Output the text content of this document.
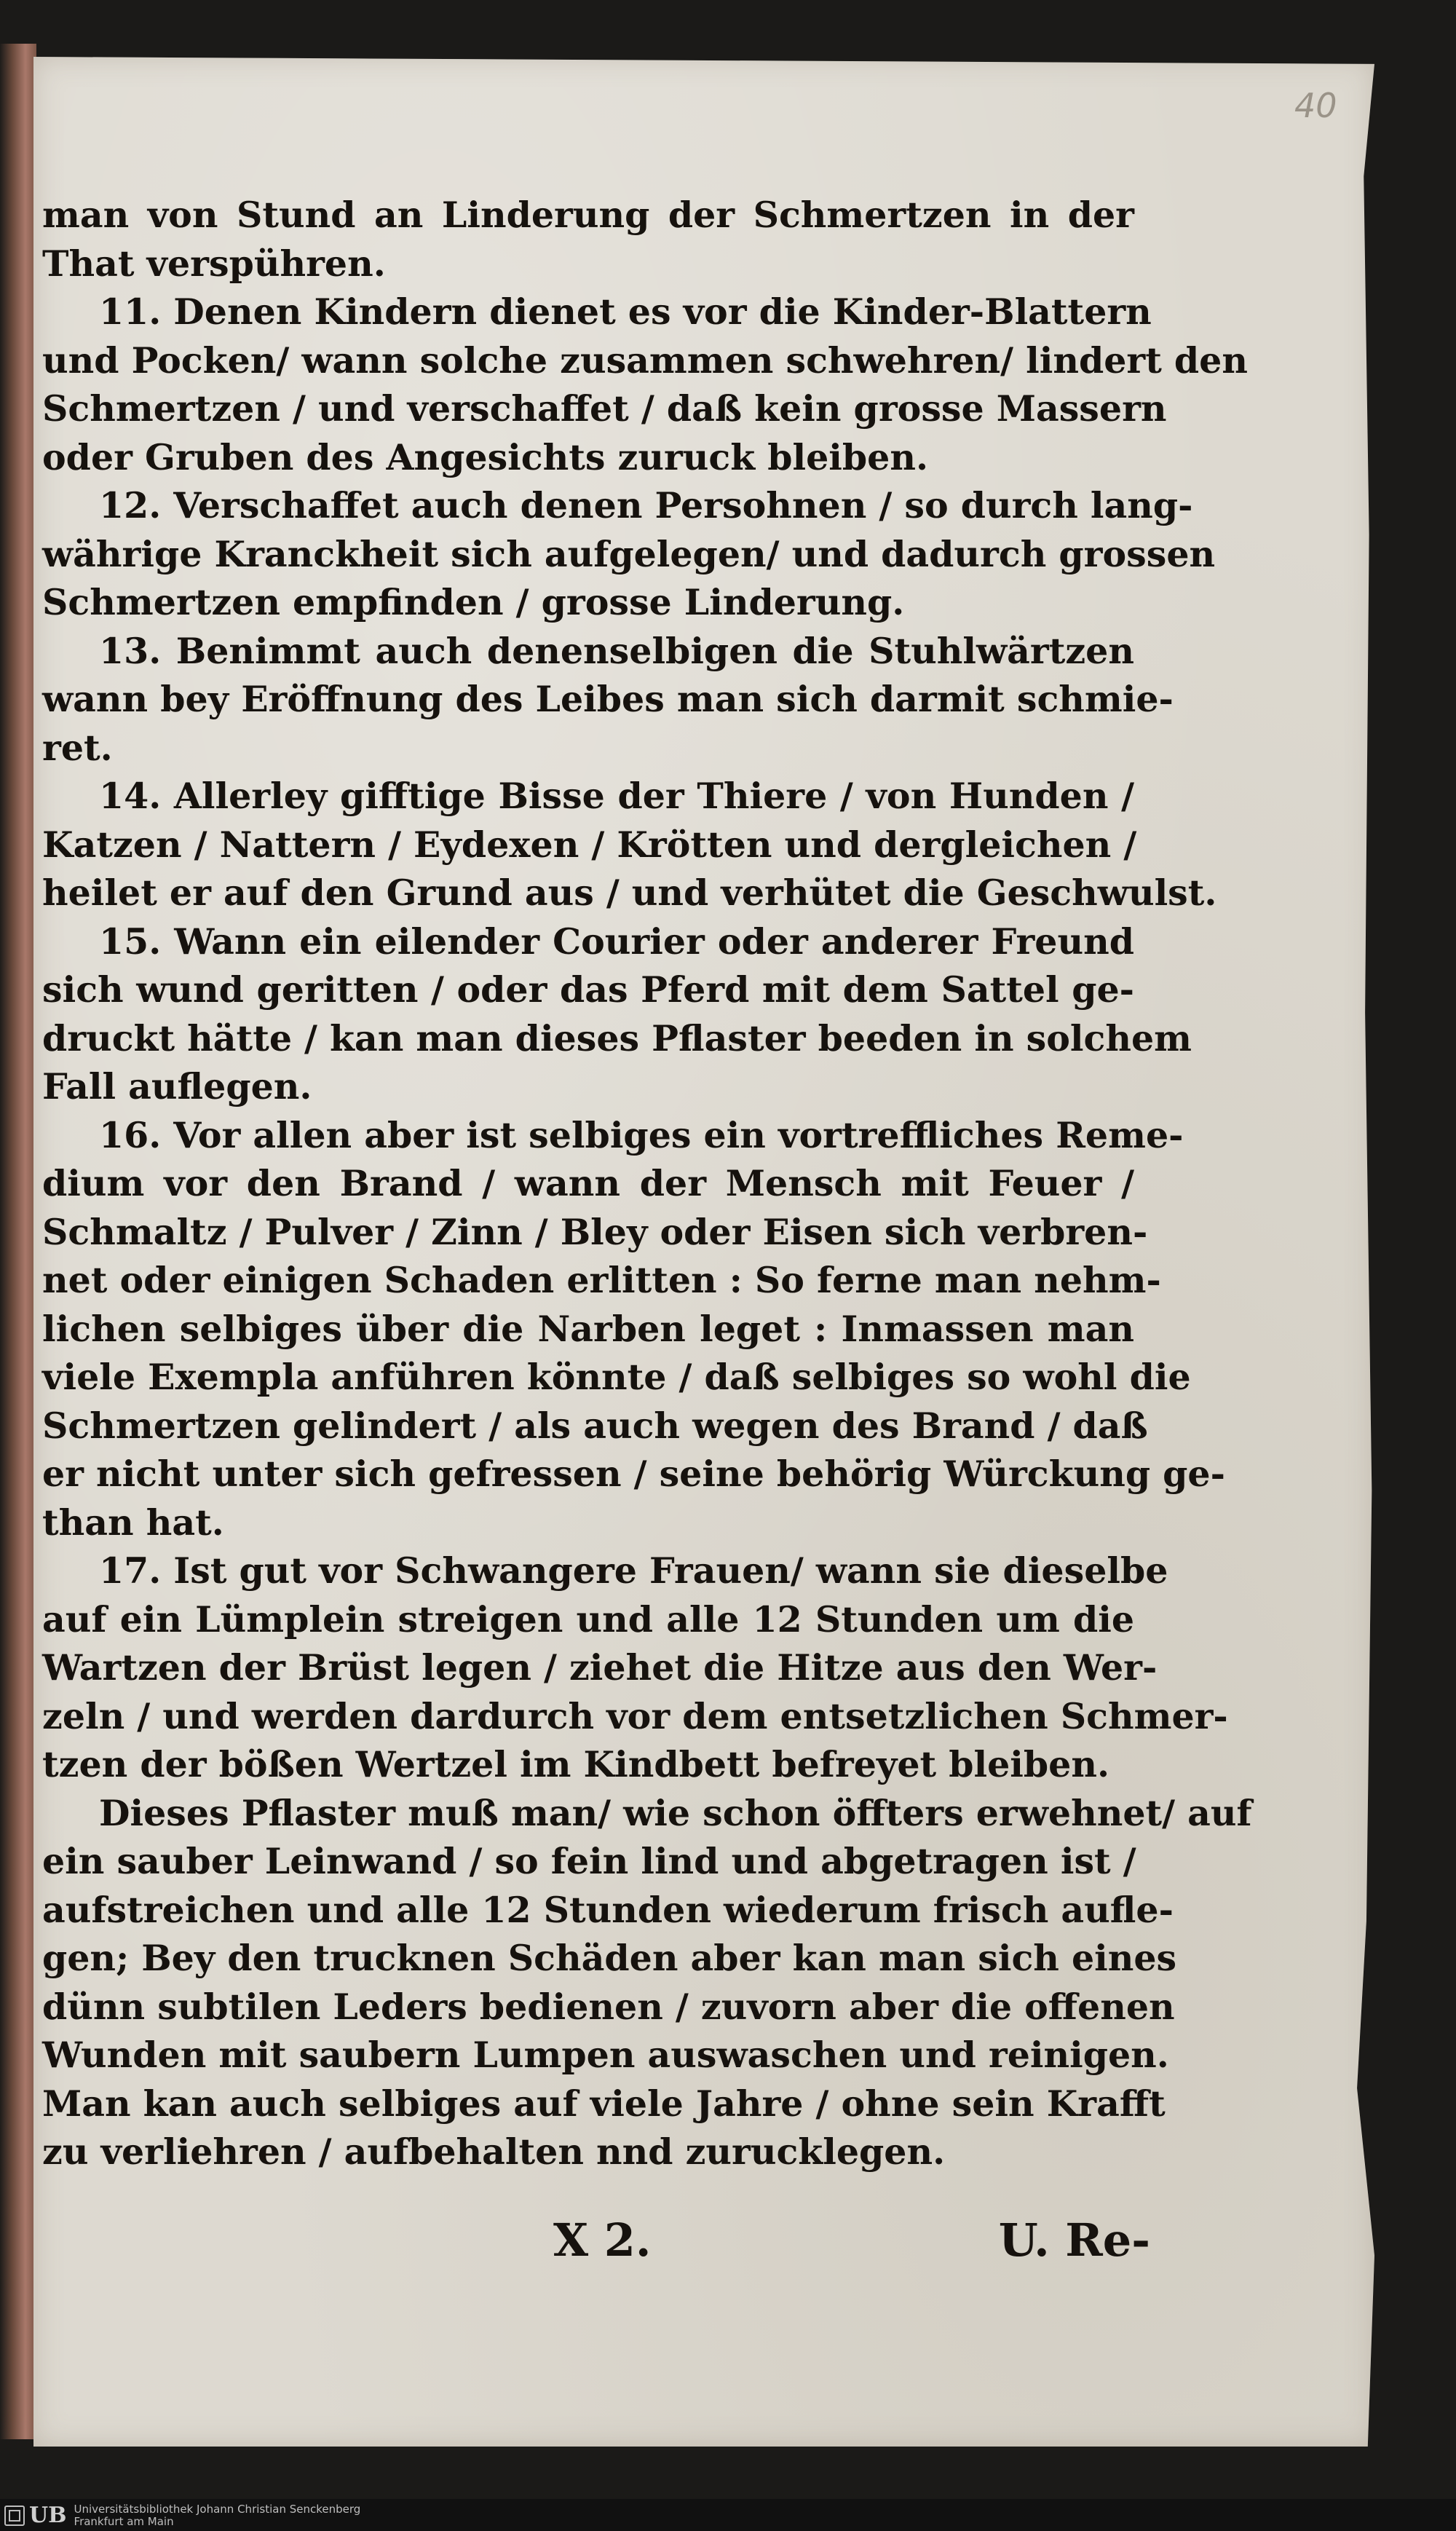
40
man von Stund an Linderung der Schmertzen in der
That verspühren.
11. Denen Kindern dienet es vor die Kinder-Blattern
und Pocken/ wann solche zusammen schwehren/ lindert den
Schmertzen / und verschaffet / daß kein grosse Massern
oder Gruben des Angesichts zuruck bleiben.
12. Verschaffet auch denen Persohnen / so durch lang-
währige Kranckheit sich aufgelegen/ und dadurch grossen
Schmertzen empfinden / grosse Linderung.
13. Benimmt auch denenselbigen die Stuhlwärtzen
wann bey Eröffnung des Leibes man sich darmit schmie-
ret.
14. Allerley gifftige Bisse der Thiere / von Hunden /
Katzen / Nattern / Eydexen / Krötten und dergleichen /
heilet er auf den Grund aus / und verhütet die Geschwulst.
15. Wann ein eilender Courier oder anderer Freund
sich wund geritten / oder das Pferd mit dem Sattel ge-
druckt hätte / kan man dieses Pflaster beeden in solchem
Fall auflegen.
16. Vor allen aber ist selbiges ein vortreffliches Reme-
dium vor den Brand / wann der Mensch mit Feuer /
Schmaltz / Pulver / Zinn / Bley oder Eisen sich verbren-
net oder einigen Schaden erlitten : So ferne man nehm-
lichen selbiges über die Narben leget : Inmassen man
viele Exempla anführen könnte / daß selbiges so wohl die
Schmertzen gelindert / als auch wegen des Brand / daß
er nicht unter sich gefressen / seine behörig Würckung ge-
than hat.
17. Ist gut vor Schwangere Frauen/ wann sie dieselbe
auf ein Lümplein streigen und alle 12 Stunden um die
Wartzen der Brüst legen / ziehet die Hitze aus den Wer-
zeln / und werden dardurch vor dem entsetzlichen Schmer-
tzen der bößen Wertzel im Kindbett befreyet bleiben.
Dieses Pflaster muß man/ wie schon öffters erwehnet/ auf
ein sauber Leinwand / so fein lind und abgetragen ist /
aufstreichen und alle 12 Stunden wiederum frisch aufle-
gen; Bey den trucknen Schäden aber kan man sich eines
dünn subtilen Leders bedienen / zuvorn aber die offenen
Wunden mit saubern Lumpen auswaschen und reinigen.
Man kan auch selbiges auf viele Jahre / ohne sein Krafft
zu verliehren / aufbehalten nnd zurucklegen.
X 2.	U. Re-
UB Universitätsbibliothek Johann Christian Senckenberg
Frankfurt am Main
